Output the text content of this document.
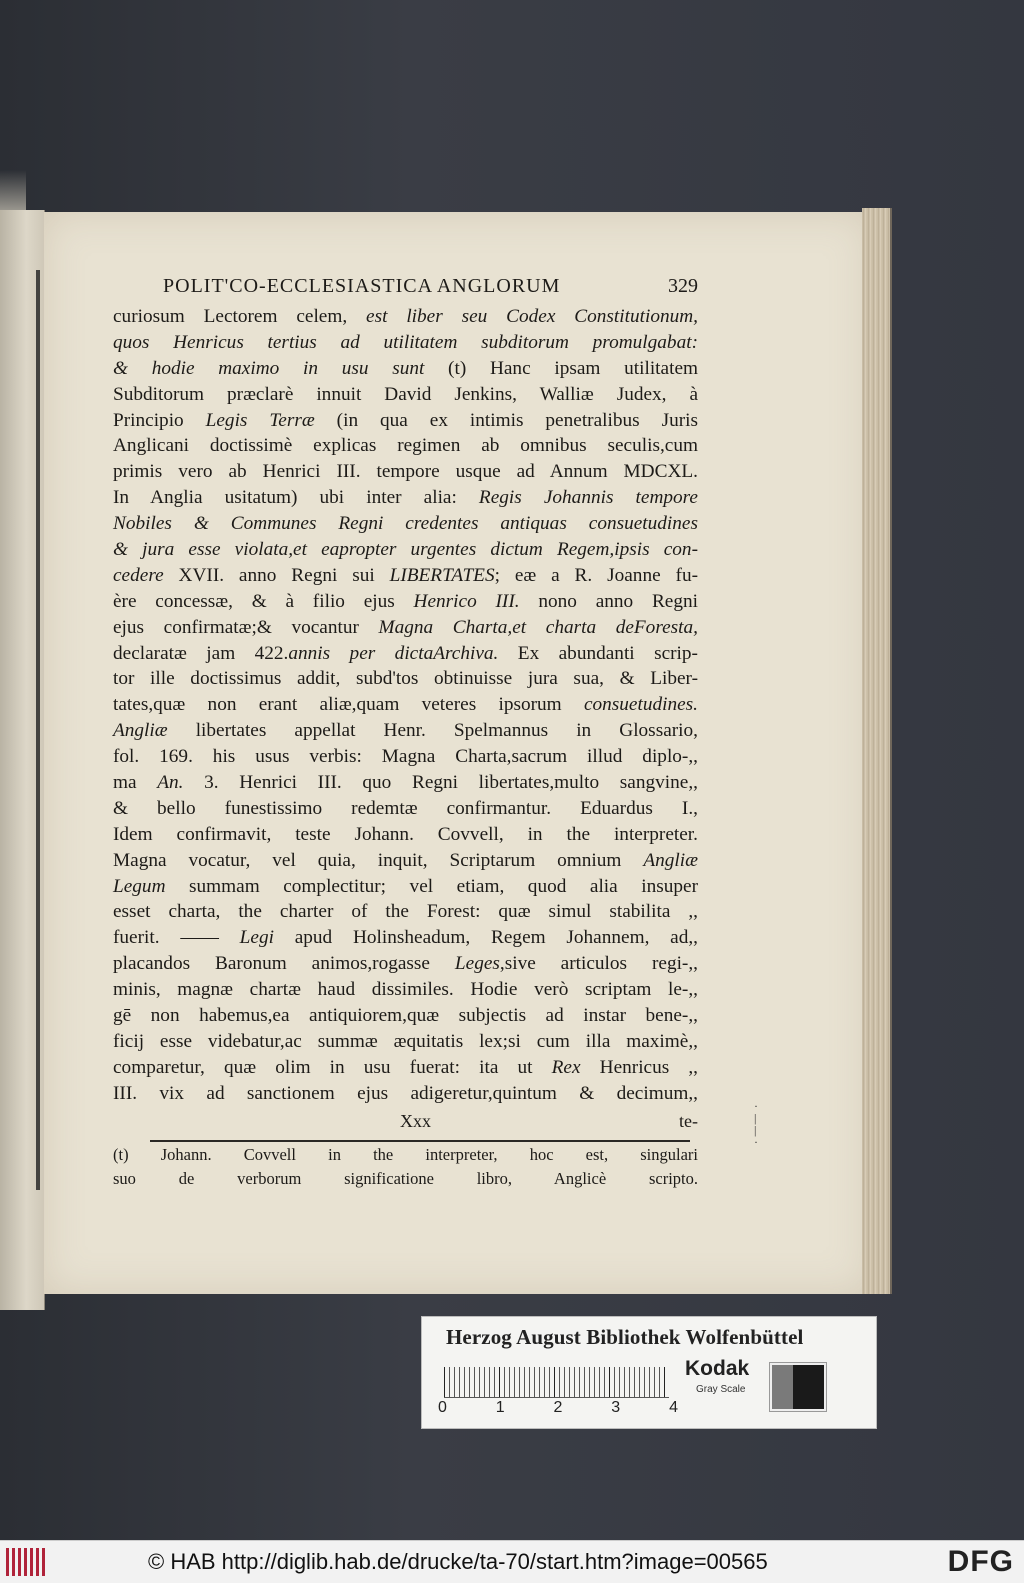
POLIT'CO-ECCLESIASTICA ANGLORUM	329
curiosum Lectorem celem, est liber seu Codex Constitutionum,
quos Henricus tertius ad utilitatem subditorum promulgabat:
& hodie maximo in usu sunt (t) Hanc ipsam utilitatem
Subditorum præclarè innuit David Jenkins, Walliæ Judex, à
Principio Legis Terræ (in qua ex intimis penetralibus Juris
Anglicani doctissimè explicas regimen ab omnibus seculis,cum
primis vero ab Henrici III. tempore usque ad Annum MDCXL.
In Anglia usitatum) ubi inter alia: Regis Johannis tempore
Nobiles & Communes Regni credentes antiquas consuetudines
& jura esse violata,et eapropter urgentes dictum Regem,ipsis con-
cedere XVII. anno Regni sui LIBERTATES; eæ a R. Joanne fu-
ère concessæ, & à filio ejus Henrico III. nono anno Regni
ejus confirmatæ;& vocantur Magna Charta,et charta deForesta,
declaratæ jam 422.annis per dictaArchiva. Ex abundanti scrip-
tor ille doctissimus addit, subd'tos obtinuisse jura sua, & Liber-
tates,quæ non erant aliæ,quam veteres ipsorum consuetudines.
Angliæ libertates appellat Henr. Spelmannus in Glossario,
fol. 169. his usus verbis: Magna Charta,sacrum illud diplo-,,
ma An. 3. Henrici III. quo Regni libertates,multo sangvine,,
& bello funestissimo redemtæ confirmantur. Eduardus I.,
Idem confirmavit, teste Johann. Covvell, in the interpreter.
Magna vocatur, vel quia, inquit, Scriptarum omnium Angliæ
Legum summam complectitur; vel etiam, quod alia insuper
esset charta, the charter of the Forest: quæ simul stabilita ,,
fuerit. —— Legi apud Holinsheadum, Regem Johannem, ad,,
placandos Baronum animos,rogasse Leges,sive articulos regi-,,
minis, magnæ chartæ haud dissimiles. Hodie verò scriptam le-,,
gē non habemus,ea antiquiorem,quæ subjectis ad instar bene-,,
ficij esse videbatur,ac summæ æquitatis lex;si cum illa maximè,,
comparetur, quæ olim in usu fuerat: ita ut Rex Henricus ,,
III. vix ad sanctionem ejus adigeretur,quintum & decimum,,
Xxx	te-
(t) Johann. Covvell in the interpreter, hoc est, singulari
suo de verborum significatione libro, Anglicè scripto.
·
|
|
·
Herzog August Bibliothek Wolfenbüttel
0	1	2	3	4
Kodak
Gray Scale
© HAB http://diglib.hab.de/drucke/ta-70/start.htm?image=00565	DFG
